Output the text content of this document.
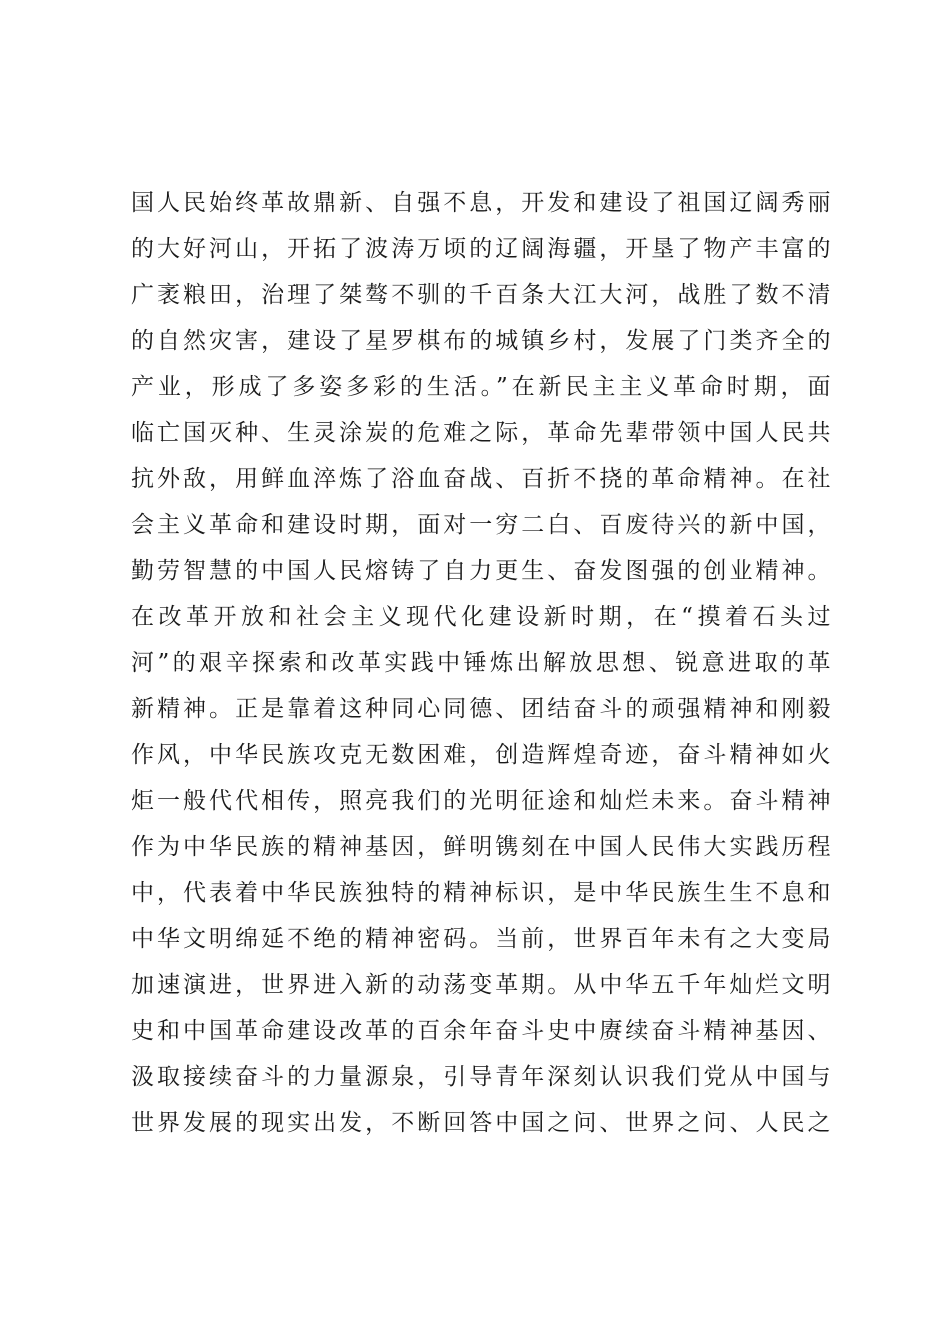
国人民始终革故鼎新、自强不息，开发和建设了祖国辽阔秀丽
的大好河山，开拓了波涛万顷的辽阔海疆，开垦了物产丰富的
广袤粮田，治理了桀骜不驯的千百条大江大河，战胜了数不清
的自然灾害，建设了星罗棋布的城镇乡村，发展了门类齐全的
产业，形成了多姿多彩的生活。”在新民主主义革命时期，面
临亡国灭种、生灵涂炭的危难之际，革命先辈带领中国人民共
抗外敌，用鲜血淬炼了浴血奋战、百折不挠的革命精神。在社
会主义革命和建设时期，面对一穷二白、百废待兴的新中国，
勤劳智慧的中国人民熔铸了自力更生、奋发图强的创业精神。
在改革开放和社会主义现代化建设新时期，在“摸着石头过
河”的艰辛探索和改革实践中锤炼出解放思想、锐意进取的革
新精神。正是靠着这种同心同德、团结奋斗的顽强精神和刚毅
作风，中华民族攻克无数困难，创造辉煌奇迹，奋斗精神如火
炬一般代代相传，照亮我们的光明征途和灿烂未来。奋斗精神
作为中华民族的精神基因，鲜明镌刻在中国人民伟大实践历程
中，代表着中华民族独特的精神标识，是中华民族生生不息和
中华文明绵延不绝的精神密码。当前，世界百年未有之大变局
加速演进，世界进入新的动荡变革期。从中华五千年灿烂文明
史和中国革命建设改革的百余年奋斗史中赓续奋斗精神基因、
汲取接续奋斗的力量源泉，引导青年深刻认识我们党从中国与
世界发展的现实出发，不断回答中国之问、世界之问、人民之
